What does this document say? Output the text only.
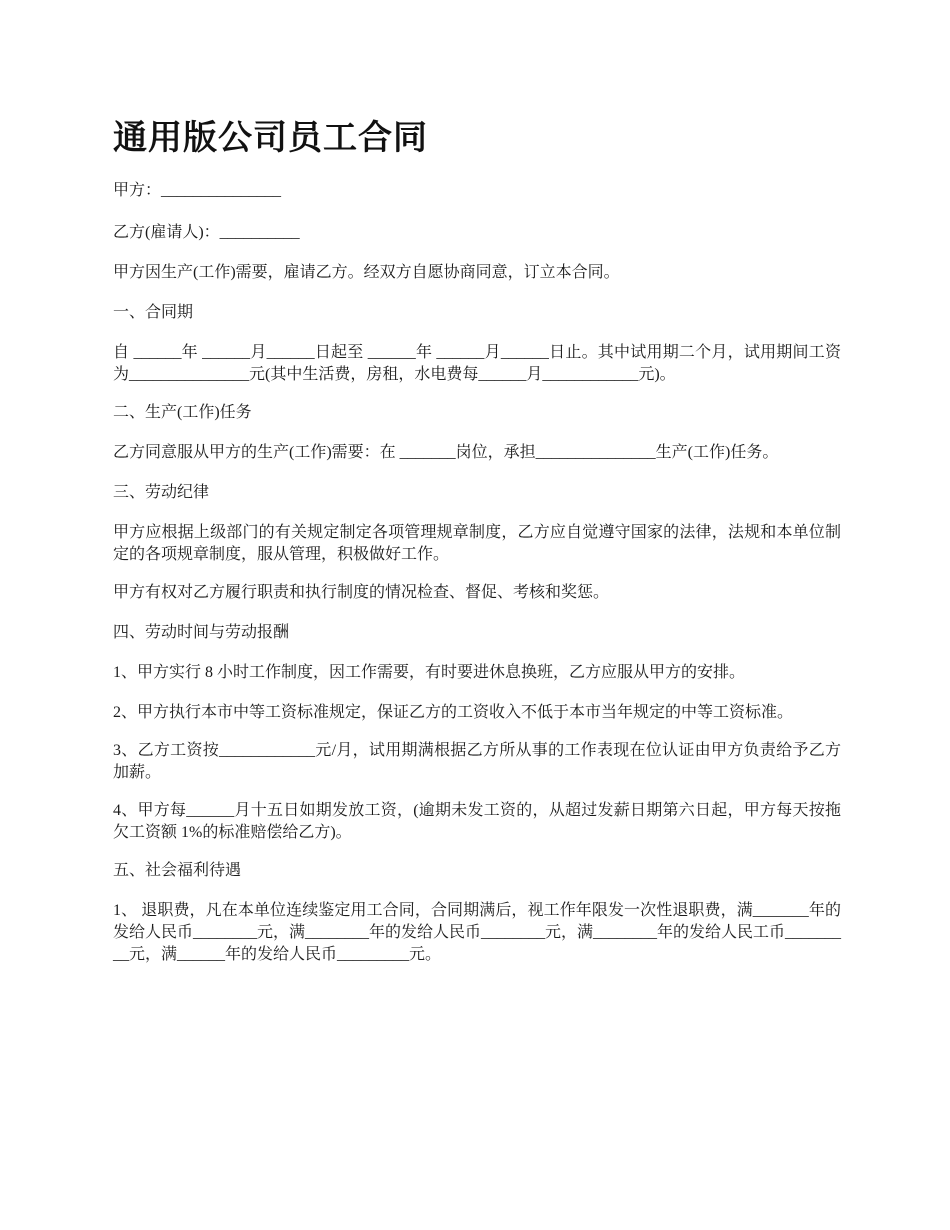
通用版公司员工合同

甲方：_______________

乙方(雇请人)：__________

甲方因生产(工作)需要，雇请乙方。经双方自愿协商同意，订立本合同。

一、合同期

自 ______年 ______月______日起至 ______年 ______月______日止。其中试用期二个月，试用期间工资为_______________元(其中生活费，房租，水电费每______月____________元)。

二、生产(工作)任务

乙方同意服从甲方的生产(工作)需要：在 _______岗位，承担_______________生产(工作)任务。

三、劳动纪律

甲方应根据上级部门的有关规定制定各项管理规章制度，乙方应自觉遵守国家的法律，法规和本单位制定的各项规章制度，服从管理，积极做好工作。

甲方有权对乙方履行职责和执行制度的情况检查、督促、考核和奖惩。

四、劳动时间与劳动报酬

1、甲方实行 8 小时工作制度，因工作需要，有时要进休息换班，乙方应服从甲方的安排。

2、甲方执行本市中等工资标准规定，保证乙方的工资收入不低于本市当年规定的中等工资标准。

3、乙方工资按____________元/月，试用期满根据乙方所从事的工作表现在位认证由甲方负责给予乙方加薪。

4、甲方每______月十五日如期发放工资，(逾期未发工资的，从超过发薪日期第六日起，甲方每天按拖欠工资额 1%的标准赔偿给乙方)。

五、社会福利待遇

1、 退职费，凡在本单位连续鉴定用工合同，合同期满后，视工作年限发一次性退职费，满_______年的发给人民币________元，满________年的发给人民币________元，满________年的发给人民工币_________元，满______年的发给人民币_________元。
